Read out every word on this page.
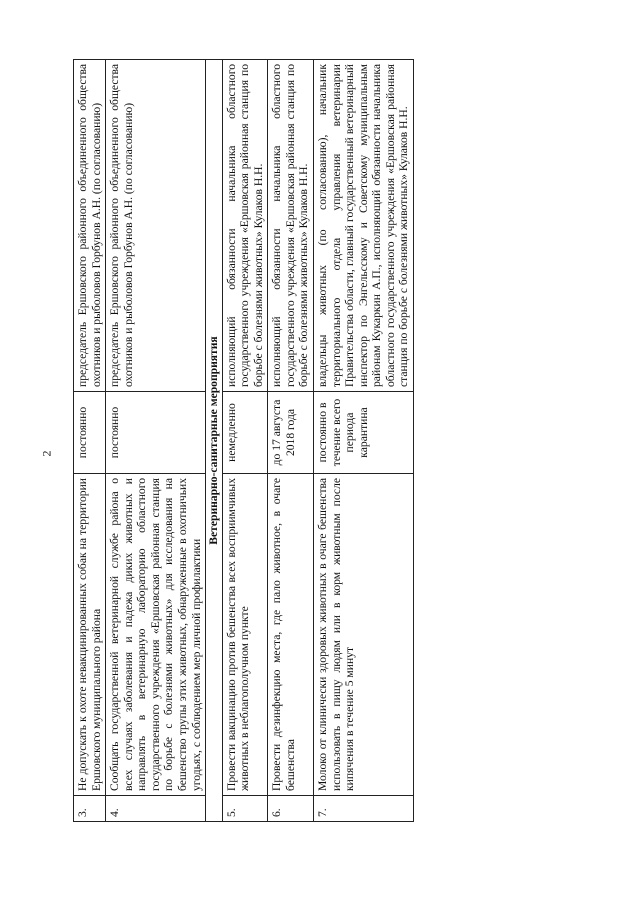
2
3.	Не допускать к охоте невакцинированных собак на территории Ершовского муниципального района	постоянно	председатель Ершовского районного объединенного общества охотников и рыболовов Горбунов А.Н. (по согласованию)
4.	Сообщать государственной ветеринарной службе района о всех случаях заболевания и падежа диких животных и направлять в ветеринарную лабораторию областного государственного учреждения «Ершовская районная станция по борьбе с болезнями животных» для исследования на бешенство трупы этих животных, обнаруженные в охотничьих угодьях, с соблюдением мер личной профилактики	постоянно	председатель Ершовского районного объединенного общества охотников и рыболовов Горбунов А.Н. (по согласованию)
Ветеринарно-санитарные мероприятия			
5.	Провести вакцинацию против бешенства всех восприимчивых животных в неблагополучном пункте	немедленно	исполняющий обязанности начальника областного государственного учреждения «Ершовская районная станция по борьбе с болезнями животных» Кулаков Н.Н.
6.	Провести дезинфекцию места, где пало животное, в очаге бешенства	до 17 августа 2018 года	исполняющий обязанности начальника областного государственного учреждения «Ершовская районная станция по борьбе с болезнями животных» Кулаков Н.Н.
7.	Молоко от клинически здоровых животных в очаге бешенства использовать в пищу людям или в корм животным после кипячения в течение 5 минут	постоянно в течение всего периода карантина	владельцы животных (по согласованию), начальник территориального отдела управления ветеринарии Правительства области, главный государственный ветеринарный инспектор по Энгельсскому и Советскому муниципальным районам Кукаркин А.П., исполняющий обязанности начальника областного государственного учреждения «Ершовская районная станция по борьбе с болезнями животных» Кулаков Н.Н.
